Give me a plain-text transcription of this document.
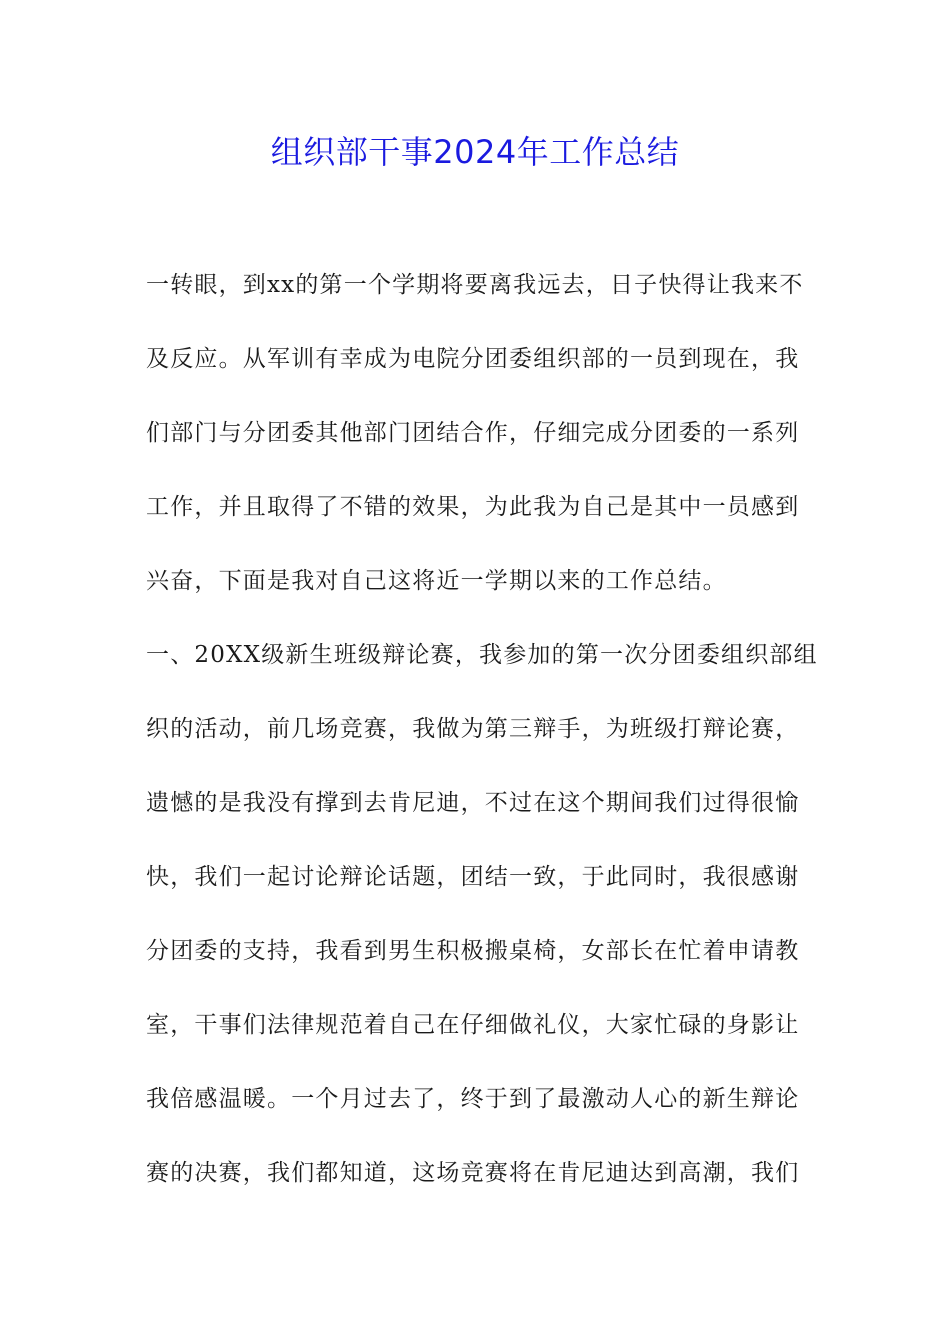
组织部干事2024年工作总结
一转眼，到xx的第一个学期将要离我远去，日子快得让我来不
及反应。从军训有幸成为电院分团委组织部的一员到现在，我
们部门与分团委其他部门团结合作，仔细完成分团委的一系列
工作，并且取得了不错的效果，为此我为自己是其中一员感到
兴奋，下面是我对自己这将近一学期以来的工作总结。
一、20XX级新生班级辩论赛，我参加的第一次分团委组织部组
织的活动，前几场竞赛，我做为第三辩手，为班级打辩论赛，
遗憾的是我没有撑到去肯尼迪，不过在这个期间我们过得很愉
快，我们一起讨论辩论话题，团结一致，于此同时，我很感谢
分团委的支持，我看到男生积极搬桌椅，女部长在忙着申请教
室，干事们法律规范着自己在仔细做礼仪，大家忙碌的身影让
我倍感温暖。一个月过去了，终于到了最激动人心的新生辩论
赛的决赛，我们都知道，这场竞赛将在肯尼迪达到高潮，我们
